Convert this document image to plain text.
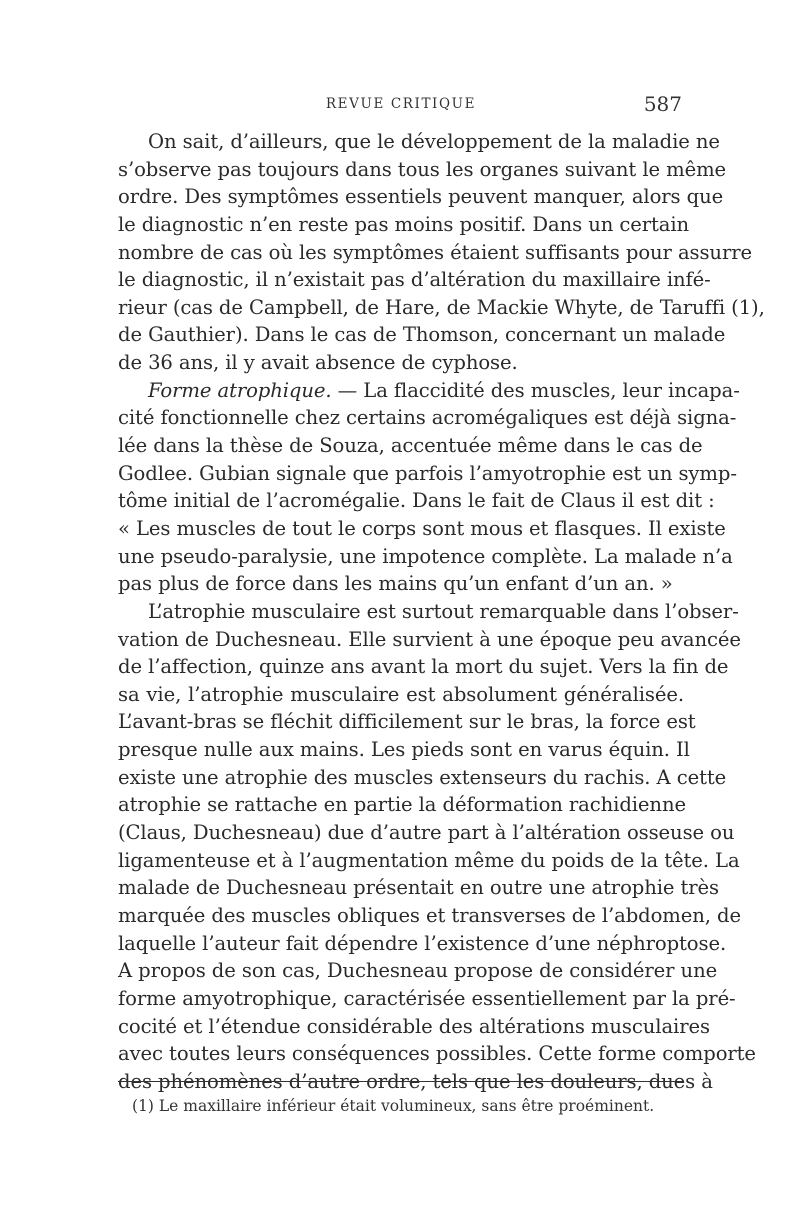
REVUE CRITIQUE	587
On sait, d’ailleurs, que le développement de la maladie ne
s’observe pas toujours dans tous les organes suivant le même
ordre. Des symptômes essentiels peuvent manquer, alors que
le diagnostic n’en reste pas moins positif. Dans un certain
nombre de cas où les symptômes étaient suffisants pour assurre
le diagnostic, il n’existait pas d’altération du maxillaire infé-
rieur (cas de Campbell, de Hare, de Mackie Whyte, de Taruffi (1),
de Gauthier). Dans le cas de Thomson, concernant un malade
de 36 ans, il y avait absence de cyphose.
Forme atrophique. — La flaccidité des muscles, leur incapa-
cité fonctionnelle chez certains acromégaliques est déjà signa-
lée dans la thèse de Souza, accentuée même dans le cas de
Godlee. Gubian signale que parfois l’amyotrophie est un symp-
tôme initial de l’acromégalie. Dans le fait de Claus il est dit :
« Les muscles de tout le corps sont mous et flasques. Il existe
une pseudo-paralysie, une impotence complète. La malade n’a
pas plus de force dans les mains qu’un enfant d’un an. »
L’atrophie musculaire est surtout remarquable dans l’obser-
vation de Duchesneau. Elle survient à une époque peu avancée
de l’affection, quinze ans avant la mort du sujet. Vers la fin de
sa vie, l’atrophie musculaire est absolument généralisée.
L’avant-bras se fléchit difficilement sur le bras, la force est
presque nulle aux mains. Les pieds sont en varus équin. Il
existe une atrophie des muscles extenseurs du rachis. A cette
atrophie se rattache en partie la déformation rachidienne
(Claus, Duchesneau) due d’autre part à l’altération osseuse ou
ligamenteuse et à l’augmentation même du poids de la tête. La
malade de Duchesneau présentait en outre une atrophie très
marquée des muscles obliques et transverses de l’abdomen, de
laquelle l’auteur fait dépendre l’existence d’une néphroptose.
A propos de son cas, Duchesneau propose de considérer une
forme amyotrophique, caractérisée essentiellement par la pré-
cocité et l’étendue considérable des altérations musculaires
avec toutes leurs conséquences possibles. Cette forme comporte
des phénomènes d’autre ordre, tels que les douleurs, dues à
(1) Le maxillaire inférieur était volumineux, sans être proéminent.
